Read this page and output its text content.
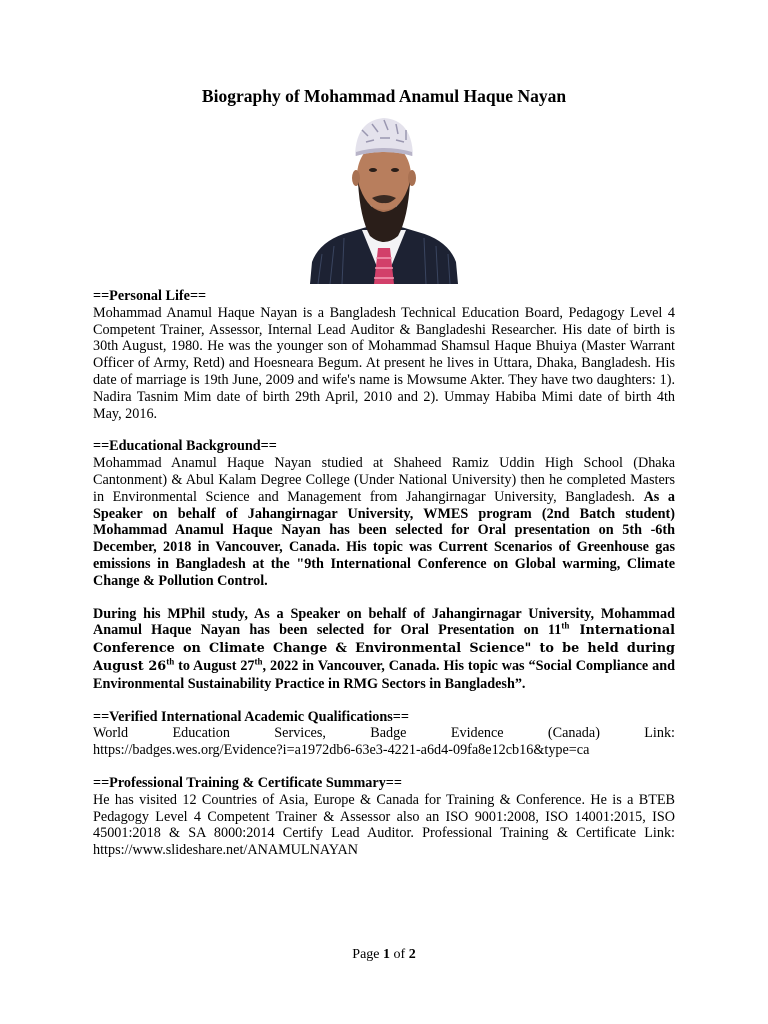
Biography of Mohammad Anamul Haque Nayan

==Personal Life==

Mohammad Anamul Haque Nayan is a Bangladesh Technical Education Board, Pedagogy Level 4 Competent Trainer, Assessor, Internal Lead Auditor & Bangladeshi Researcher. His date of birth is 30th August, 1980. He was the younger son of Mohammad Shamsul Haque Bhuiya (Master Warrant Officer of Army, Retd) and Hoesneara Begum. At present he lives in Uttara, Dhaka, Bangladesh. His date of marriage is 19th June, 2009 and wife's name is Mowsume Akter. They have two daughters: 1). Nadira Tasnim Mim date of birth 29th April, 2010 and 2). Ummay Habiba Mimi date of birth 4th May, 2016.

==Educational Background==

Mohammad Anamul Haque Nayan studied at Shaheed Ramiz Uddin High School (Dhaka Cantonment) & Abul Kalam Degree College (Under National University) then he completed Masters in Environmental Science and Management from Jahangirnagar University, Bangladesh. As a Speaker on behalf of Jahangirnagar University, WMES program (2nd Batch student) Mohammad Anamul Haque Nayan has been selected for Oral presentation on 5th -6th December, 2018 in Vancouver, Canada. His topic was Current Scenarios of Greenhouse gas emissions in Bangladesh at the "9th International Conference on Global warming, Climate Change & Pollution Control.

During his MPhil study, As a Speaker on behalf of Jahangirnagar University, Mohammad Anamul Haque Nayan has been selected for Oral Presentation on 11th International Conference on Climate Change & Environmental Science" to be held during August 26th to August 27th, 2022 in Vancouver, Canada. His topic was “Social Compliance and Environmental Sustainability Practice in RMG Sectors in Bangladesh”.

==Verified International Academic Qualifications==

World Education Services, Badge Evidence (Canada) Link:

https://badges.wes.org/Evidence?i=a1972db6-63e3-4221-a6d4-09fa8e12cb16&type=ca

==Professional Training & Certificate Summary==

He has visited 12 Countries of Asia, Europe & Canada for Training & Conference. He is a BTEB Pedagogy Level 4 Competent Trainer & Assessor also an ISO 9001:2008, ISO 14001:2015, ISO 45001:2018 & SA 8000:2014 Certify Lead Auditor. Professional Training & Certificate Link: https://www.slideshare.net/ANAMULNAYAN

Page 1 of 2
